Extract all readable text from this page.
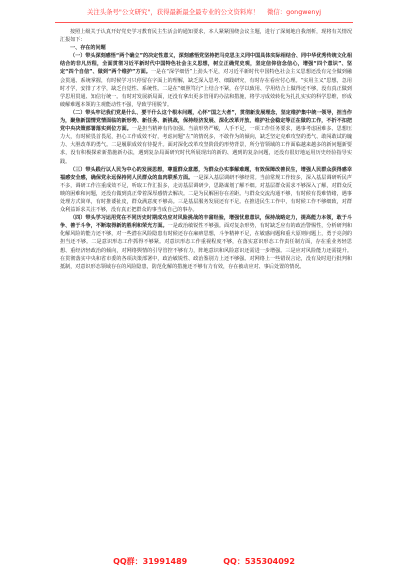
关注头条号"公文研究"，获得最新最全最专业的公文资料库！ 微信：gongwenyj

按照上级关于认真开好党史学习教育民主生活会的通知要求，本人紧紧围绕会议主题，进行了深刻地自我剖析，现将有关情况汇报如下：

一、存在的问题

（一）带头深刻感悟“两个确立”的决定性意义，深刻感悟党坚持把马克思主义同中国具体实际相结合、同中华优秀传统文化相结合的非凡历程，全面贯彻习近平新时代中国特色社会主义思想，树立正确党史观，坚定信仰信念信心，增强“四个意识”、坚定“四个自信”、做到“两个维护”方面。一是在“深学细悟”上劲头不足，对习近平新时代中国特色社会主义思想还没有完全做到融会贯通、系统掌握，有时候学习只停留在字面上的理解，缺乏深入思考、细践研究，有时存在看应付心理。“实用主义”思想，急用时才学，安排了才学，缺乏自觉性、系统性。二是在“细照笃行”上结合不紧，在学以致用、学用结合上做得还不够，没有真正做到学思用贯通、知信行统一。有时对发展新局面，还没有拿出更多管用的办法和措施，将学习成效转化为扎扎实实的科学思维，形成破解难题本领的主观能动性不强，导致学用脱节。

（二）带头牢记我们党是什么、要干什么这个根本问题，心怀“国之大者”，贯彻新发展理念，坚定维护集中统一领导，担当作为，聚焦新国情党情面临的新形势、新任务、新挑战，保持经济发展、深化改革开放、维护社会稳定等正在做的工作，不折不扣把党中央决策部署落实到位方面。一是担当精神有待加强。当前形势严峻，人手不足，一项工作任务要求，遇事考虑困难多、思想压力大，有时候畏首畏尾，担心工作成效不好，考虑问题“左”的情况多，不敢作为的倾向，缺乏坚定克难攻坚的勇气、敢闯敢试的魄力、大胆改革的勇气。二是履职成效有待提升。面对深化改革攻坚阶段的形势背景，所分管领域的工作面临越来越多的新问题新要求，没有积极探索新措施新办法，遇到复杂局面研究时代所展现出的新的、遇到的复杂问题，还没有很好地运用历史经验指导实践。

（三）带头践行以人民为中心的发展思想，尊重群众意愿，为群众办实事解难题，有效保障改善民生，增强人民群众获得感幸福感安全感，确保党永远保持同人民群众的血肉联系方面。一是深入基层调研不够经常。当前常规工作较多，深入基层调研听民声不多，调研工作注重成效不足，听取工作汇报多，走访基层调研少，思路谋划了解不细。对基层群众需求不够深入了解，对群众反映的困难和问题，还没有做到真正带着深厚感情去解决。二是为民解困存在差距。与群众交流沟通不够，有时候有畏难情绪，遇事处理方式简单，有时推诿扯皮，群众满意度不够高。三是基层服务发展还有不足。在推进民生工作中，有时候工作不够细致，对群众利益诉求关注不够，没有真正把群众的事当成自己的事办。

（四）带头学习运用党在不同历史时期成功应对风险挑战的丰富经验，增强忧患意识，保持战略定力，提高能力本领，敢于斗争、善于斗争，不断取得新的胜利和荣光方面。一是政治敏锐性不够强。面对复杂形势，有时缺乏应有的政治警惕性，分析研判和化解风险的能力还不够，对一些潜在风险隐患有时候还存在麻痹思想，斗争精神不足，在敏感问题和重大原则问题上，勇于亮剑的担当还不够。二是意识形态工作抓得不够紧。对意识形态工作重视程度不够，在落实意识形态工作责任制方面，存在重业务轻思想、重经济轻政治的倾向，对网络舆情的引导管控不够有力，阵地意识和风险意识还需进一步增强。三是应对风险能力还需提升。在贯彻落实中央和省市委的各项决策部署中，政治敏锐性、政治鉴别力上还不够强。对网络上一些错误言论，没有及时进行批判和抵制，对意识形态领域存在的风险隐患，防范化解的措施还不够有力有效，存在被动应对、事后处置的情况。

QQ群：31991489	QQ：535304092
